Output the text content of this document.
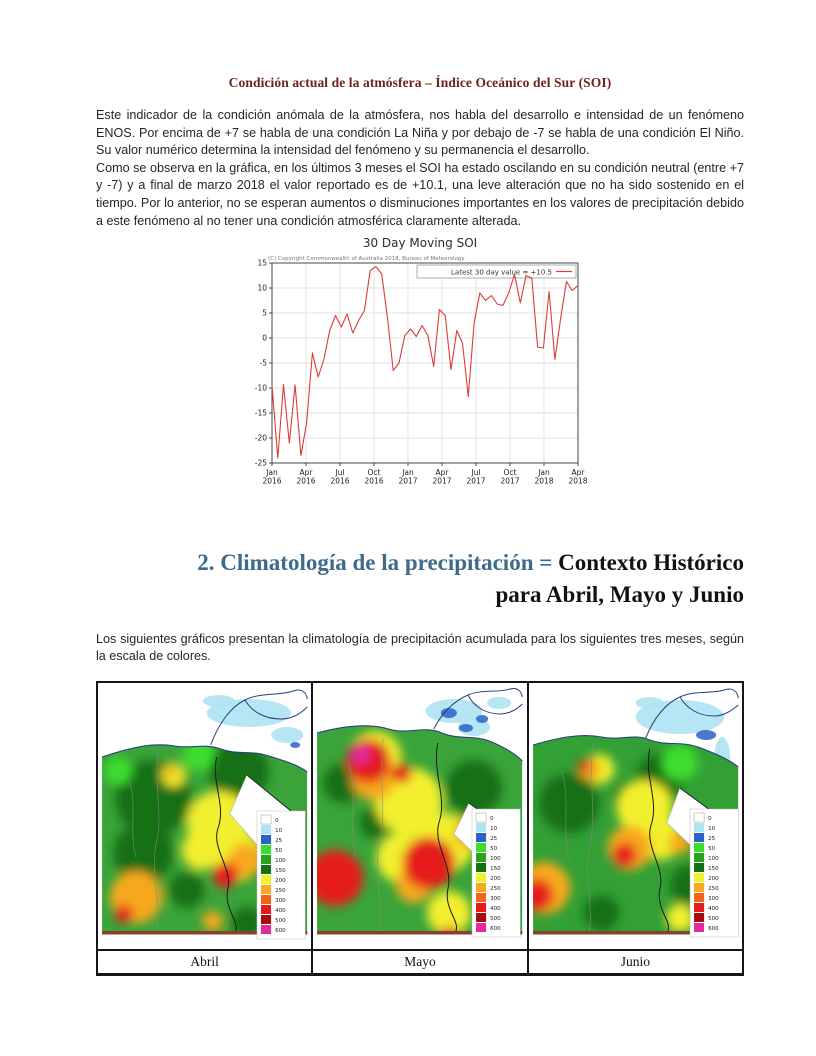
Condición actual de la atmósfera – Índice Oceánico del Sur (SOI)
Este indicador de la condición anómala de la atmósfera, nos habla del desarrollo e intensidad de un fenómeno ENOS. Por encima de +7 se habla de una condición La Niña y por debajo de -7 se habla de una condición El Niño. Su valor numérico determina la intensidad del fenómeno y su permanencia el desarrollo.
Como se observa en la gráfica, en los últimos 3 meses el SOI ha estado oscilando en su condición neutral (entre +7 y -7) y a final de marzo 2018 el valor reportado es de +10.1, una leve alteración que no ha sido sostenido en el tiempo. Por lo anterior, no se esperan aumentos o disminuciones importantes en los valores de precipitación debido a este fenómeno al no tener una condición atmosférica claramente alterada.
30 Day Moving SOI
(C) Copyright Commonwealth of Australia 2018, Bureau of Meteorology
15
10
5
0
-5
-10
-15
-20
-25
Jan 2016
Apr 2016
Jul 2016
Oct 2016
Jan 2017
Apr 2017
Jul 2017
Oct 2017
Jan 2018
Apr 2018
Latest 30 day value = +10.5
2. Climatología de la precipitación = Contexto Histórico
para Abril, Mayo y Junio
Los siguientes gráficos presentan la climatología de precipitación acumulada para los siguientes tres meses, según la escala de colores.
0
10
25
50
100
150
200
250
300
400
500
600

0
10
25
50
100
150
200
250
300
400
500
600

0
10
25
50
100
150
200
250
300
400
500
600

Abril	Mayo	Junio
